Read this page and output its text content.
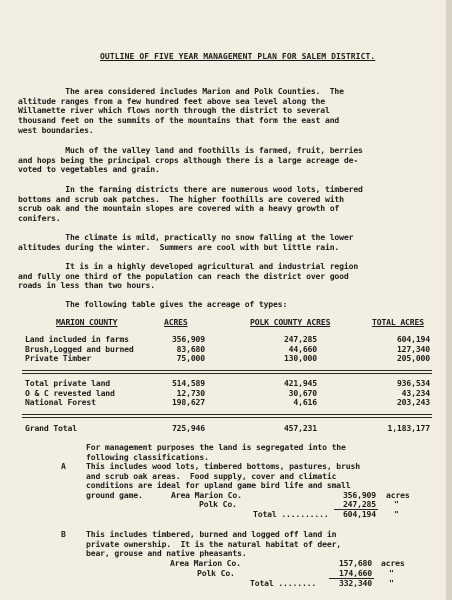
OUTLINE OF FIVE YEAR MANAGEMENT PLAN FOR SALEM DISTRICT.
The area considered includes Marion and Polk Counties.  The
altitude ranges from a few hundred feet above sea level along the
Willamette river which flows north through the district to several
thousand feet on the summits of the mountains that form the east and
west boundaries.
Much of the valley land and foothills is farmed, fruit, berries
and hops being the principal crops although there is a large acreage de-
voted to vegetables and grain.
In the farming districts there are numerous wood lots, timbered
bottoms and scrub oak patches.  The higher foothills are covered with
scrub oak and the mountain slopes are covered with a heavy growth of
conifers.
The climate is mild, practically no snow falling at the lower
altitudes during the winter.  Summers are cool with but little rain.
It is in a highly developed agricultural and industrial region
and fully one third of the population can reach the district over good
roads in less than two hours.
The following table gives the acreage of types:
MARION COUNTY	ACRES	POLK COUNTY ACRES	TOTAL ACRES
Land included in farms	356,909	247,285	604,194
Brush,Logged and burned	83,680	44,660	127,340
Private Timber	75,000	130,000	205,000
Total private land	514,589	421,945	936,534
O & C revested land	12,730	30,670	43,234
National Forest	198,627	4,616	203,243
Grand Total	725,946	457,231	1,183,177
For management purposes the land is segregated into the
following classifications.
A	This includes wood lots, timbered bottoms, pastures, brush
and scrub oak areas.  Food supply, cover and climatic
conditions are ideal for upland game bird life and small
ground game.	Area Marion Co.	356,909 acres
Polk Co.	247,285 "
Total ..........	604,194 "
B	This includes timbered, burned and logged off land in
private ownership.  It is the natural habitat of deer,
bear, grouse and native pheasants.
Area Marion Co.	157,680 acres
Polk Co.	174,660 "
Total ........	332,340 "
